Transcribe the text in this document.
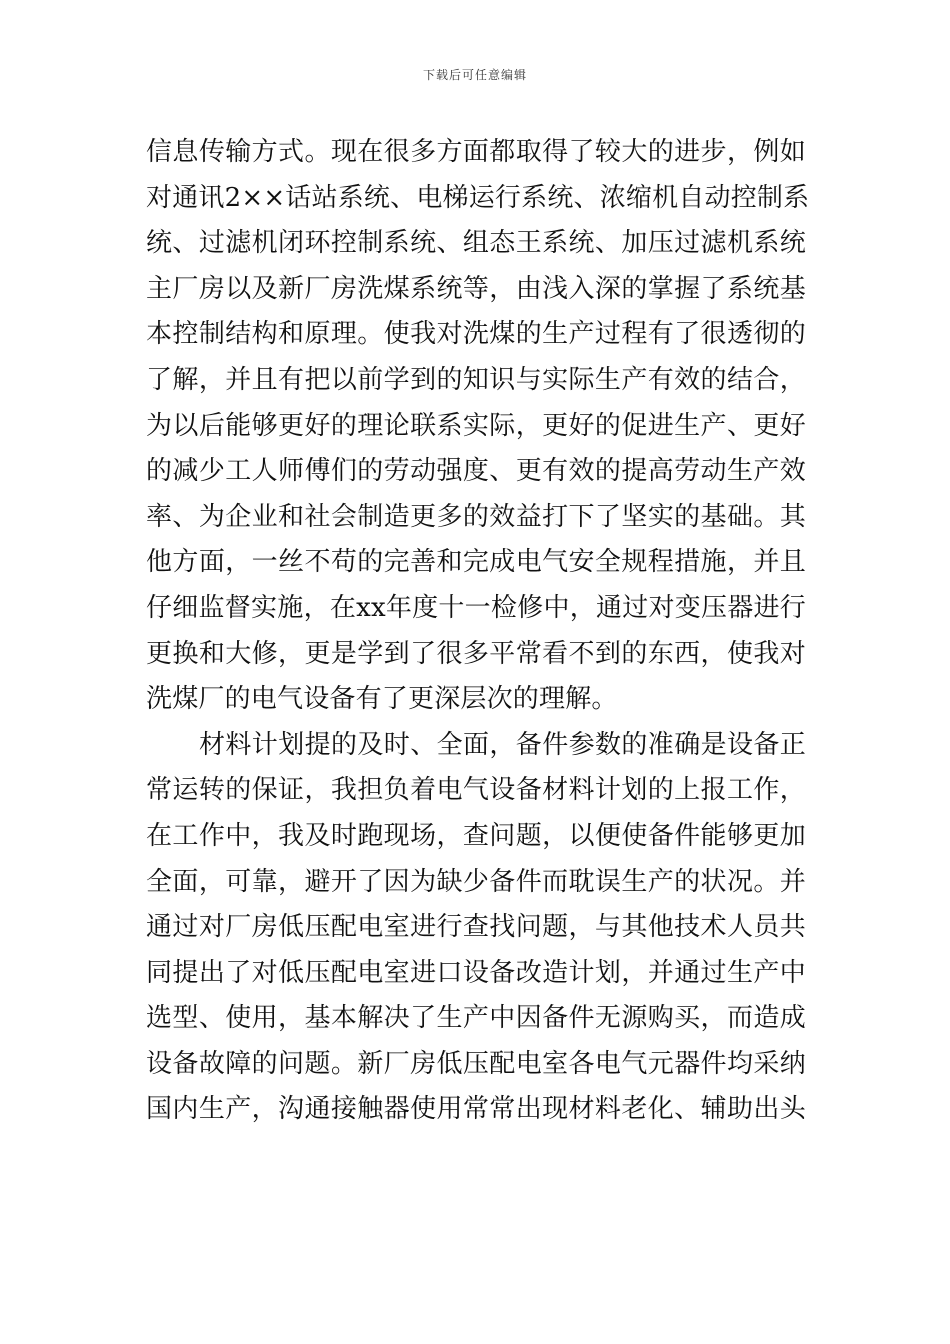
下载后可任意编辑
信息传输方式。现在很多方面都取得了较大的进步，例如
对通讯2××话站系统、电梯运行系统、浓缩机自动控制系
统、过滤机闭环控制系统、组态王系统、加压过滤机系统
主厂房以及新厂房洗煤系统等，由浅入深的掌握了系统基
本控制结构和原理。使我对洗煤的生产过程有了很透彻的
了解，并且有把以前学到的知识与实际生产有效的结合，
为以后能够更好的理论联系实际，更好的促进生产、更好
的减少工人师傅们的劳动强度、更有效的提高劳动生产效
率、为企业和社会制造更多的效益打下了坚实的基础。其
他方面，一丝不苟的完善和完成电气安全规程措施，并且
仔细监督实施，在xx年度十一检修中，通过对变压器进行
更换和大修，更是学到了很多平常看不到的东西，使我对
洗煤厂的电气设备有了更深层次的理解。
材料计划提的及时、全面，备件参数的准确是设备正
常运转的保证，我担负着电气设备材料计划的上报工作，
在工作中，我及时跑现场，查问题，以便使备件能够更加
全面，可靠，避开了因为缺少备件而耽误生产的状况。并
通过对厂房低压配电室进行查找问题，与其他技术人员共
同提出了对低压配电室进口设备改造计划，并通过生产中
选型、使用，基本解决了生产中因备件无源购买，而造成
设备故障的问题。新厂房低压配电室各电气元器件均采纳
国内生产，沟通接触器使用常常出现材料老化、辅助出头
